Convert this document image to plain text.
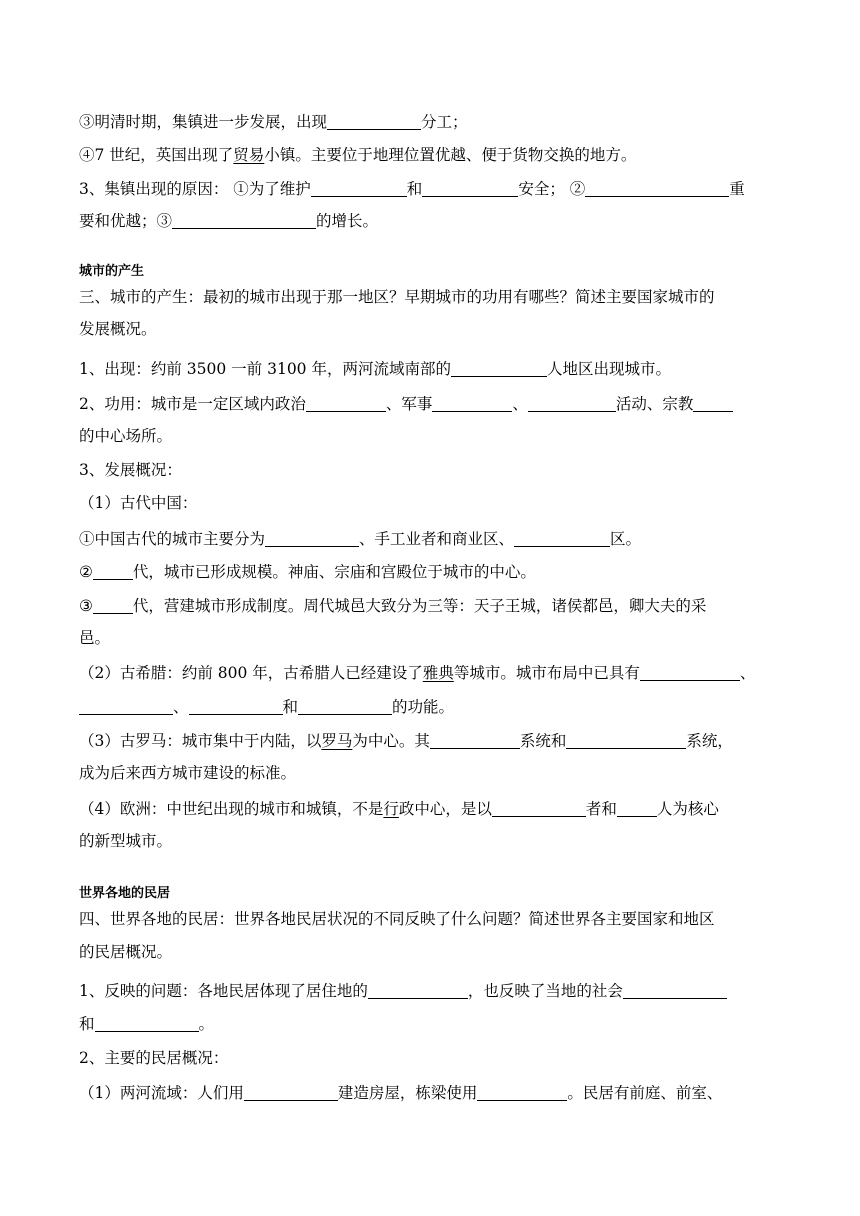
③明清时期，集镇进一步发展，出现	分工；
④7 世纪，英国出现了贸易小镇。主要位于地理位置优越、便于货物交换的地方。
3、集镇出现的原因： ①为了维护	和	安全； ②	重
要和优越；③	的增长。
城市的产生
三、城市的产生：最初的城市出现于那一地区？早期城市的功用有哪些？简述主要国家城市的
发展概况。
1、出现：约前 3500 一前 3100 年，两河流域南部的	人地区出现城市。
2、功用：城市是一定区域内政治	、军事	、	活动、宗教
的中心场所。
3、发展概况：
（1）古代中国：
①中国古代的城市主要分为	、手工业者和商业区、	区。
②	代，城市已形成规模。神庙、宗庙和宫殿位于城市的中心。
③	代，营建城市形成制度。周代城邑大致分为三等：天子王城，诸侯都邑，卿大夫的采
邑。
（2）古希腊：约前 800 年，古希腊人已经建设了雅典等城市。城市布局中已具有	、
、	和	的功能。
（3）古罗马：城市集中于内陆，以罗马为中心。其	系统和	系统，
成为后来西方城市建设的标准。
（4）欧洲：中世纪出现的城市和城镇，不是行政中心，是以	者和	人为核心
的新型城市。
世界各地的民居
四、世界各地的民居：世界各地民居状况的不同反映了什么问题？简述世界各主要国家和地区
的民居概况。
1、反映的问题：各地民居体现了居住地的	，也反映了当地的社会
和	。
2、主要的民居概况：
（1）两河流域：人们用	建造房屋，栋梁使用	。民居有前庭、前室、
